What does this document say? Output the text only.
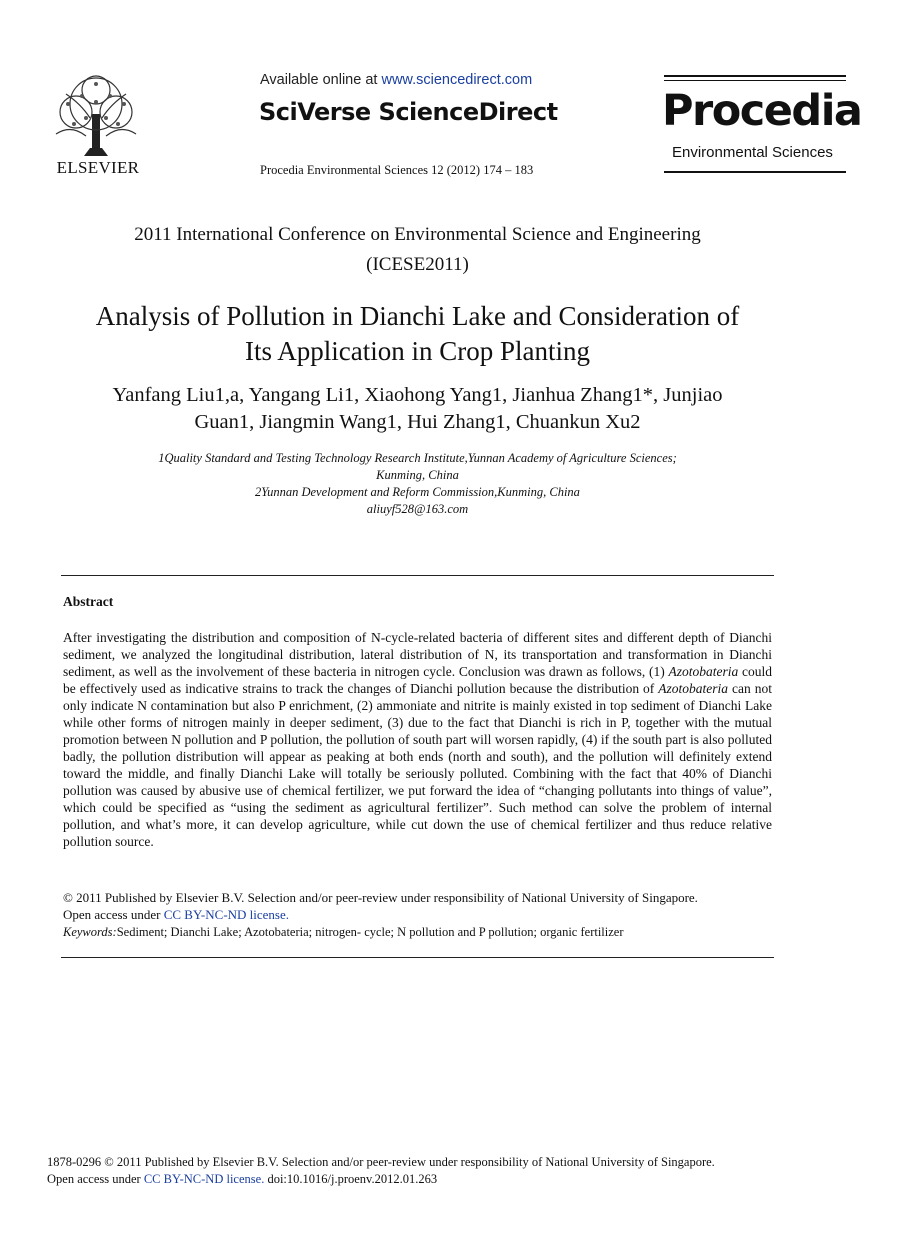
ELSEVIER
Available online at www.sciencedirect.com
SciVerse ScienceDirect
Procedia Environmental Sciences 12 (2012) 174 – 183
Procedia
Environmental Sciences
2011 International Conference on Environmental Science and Engineering
(ICESE2011)
Analysis of Pollution in Dianchi Lake and Consideration of
Its Application in Crop Planting
Yanfang Liu1,a, Yangang Li1, Xiaohong Yang1, Jianhua Zhang1*, Junjiao
Guan1, Jiangmin Wang1, Hui Zhang1, Chuankun Xu2
1Quality Standard and Testing Technology Research Institute,Yunnan Academy of Agriculture Sciences;
Kunming, China
2Yunnan Development and Reform Commission,Kunming, China
aliuyf528@163.com
Abstract
After investigating the distribution and composition of N-cycle-related bacteria of different sites and different depth of Dianchi sediment, we analyzed the longitudinal distribution, lateral distribution of N, its transportation and transformation in Dianchi sediment, as well as the involvement of these bacteria in nitrogen cycle. Conclusion was drawn as follows, (1) Azotobateria could be effectively used as indicative strains to track the changes of Dianchi pollution because the distribution of Azotobateria can not only indicate N contamination but also P enrichment, (2) ammoniate and nitrite is mainly existed in top sediment of Dianchi Lake while other forms of nitrogen mainly in deeper sediment, (3) due to the fact that Dianchi is rich in P, together with the mutual promotion between N pollution and P pollution, the pollution of south part will worsen rapidly, (4) if the south part is also polluted badly, the pollution distribution will appear as peaking at both ends (north and south), and the pollution will definitely extend toward the middle, and finally Dianchi Lake will totally be seriously polluted. Combining with the fact that 40% of Dianchi pollution was caused by abusive use of chemical fertilizer, we put forward the idea of “changing pollutants into things of value”, which could be specified as “using the sediment as agricultural fertilizer”. Such method can solve the problem of internal pollution, and what’s more, it can develop agriculture, while cut down the use of chemical fertilizer and thus reduce relative pollution source.
© 2011 Published by Elsevier B.V. Selection and/or peer-review under responsibility of National University of Singapore.
Open access under CC BY-NC-ND license.
Keywords:Sediment; Dianchi Lake; Azotobateria; nitrogen- cycle; N pollution and P pollution; organic fertilizer
1878-0296 © 2011 Published by Elsevier B.V. Selection and/or peer-review under responsibility of National University of Singapore.
Open access under CC BY-NC-ND license. doi:10.1016/j.proenv.2012.01.263
